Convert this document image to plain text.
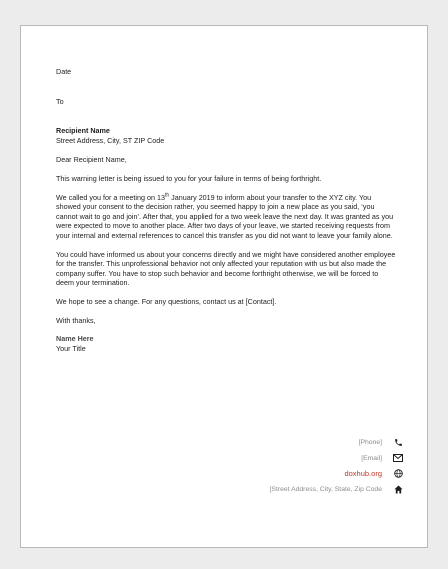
Date

To

Recipient Name

Street Address, City, ST ZIP Code

Dear Recipient Name,

This warning letter is being issued to you for your failure in terms of being forthright.

We called you for a meeting on 13th January 2019 to inform about your transfer to the XYZ city. You showed your consent to the decision rather, you seemed happy to join a new place as you said, ‘you cannot wait to go and join’. After that, you applied for a two week leave the next day. It was granted as you were expected to move to another place. After two days of your leave, we started receiving requests from your internal and external references to cancel this transfer as you did not want to leave your family alone.

You could have informed us about your concerns directly and we might have considered another employee for the transfer. This unprofessional behavior not only affected your reputation with us but also made the company suffer. You have to stop such behavior and become forthright otherwise, we will be forced to deem your termination.

We hope to see a change. For any questions, contact us at [Contact].

With thanks,

Name Here

Your Title

[Phone]
[Email]
doxhub.org
[Street Address, City, State, Zip Code
